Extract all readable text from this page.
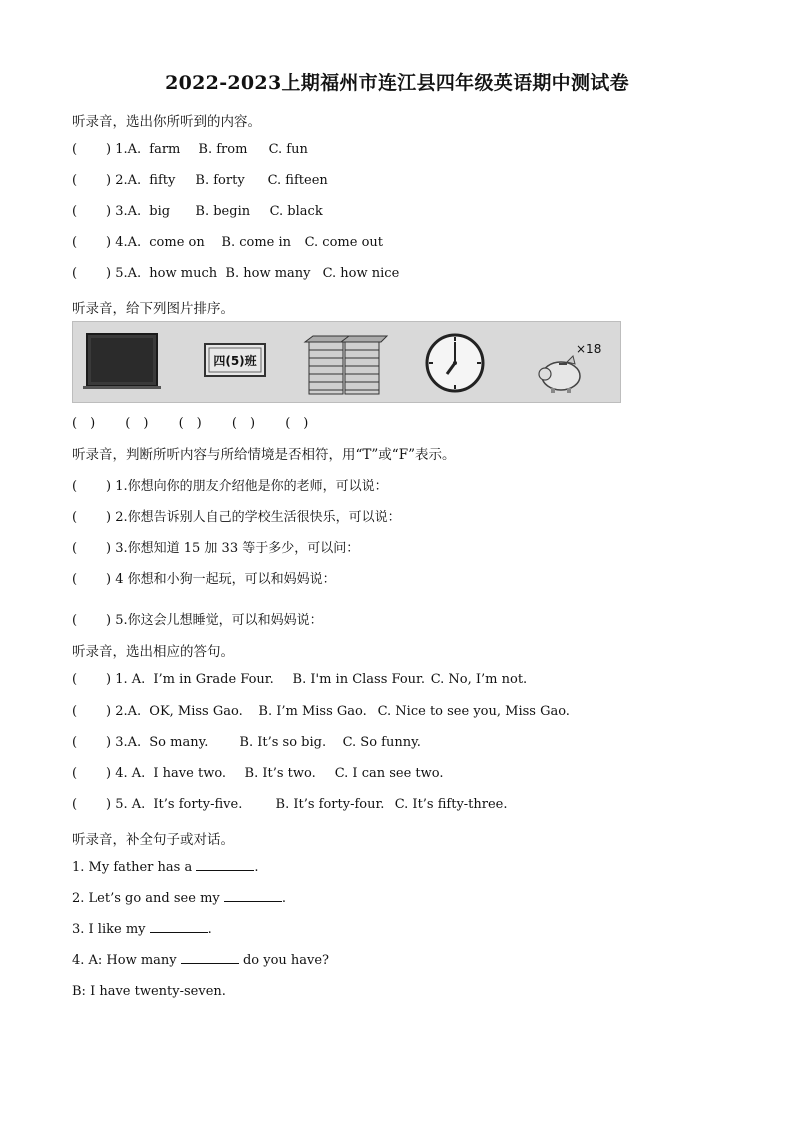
2022-2023上期福州市连江县四年级英语期中测试卷
听录音，选出你所听到的内容。
( ) 1.A. farm B. from C. fun
( ) 2.A. fifty B. forty C. fifteen
( ) 3.A. big B. begin C. black
( ) 4.A. come on B. come in C. come out
( ) 5.A. how much B. how many C. how nice
听录音，给下列图片排序。
四(5)班
×18
(　) (　) (　) (　) (　)
听录音，判断所听内容与所给情境是否相符，用“T”或“F”表示。
( ) 1.你想向你的朋友介绍他是你的老师，可以说：
( ) 2.你想告诉别人自己的学校生活很快乐，可以说：
( ) 3.你想知道 15 加 33 等于多少，可以问：
( ) 4 你想和小狗一起玩，可以和妈妈说：
( ) 5.你这会儿想睡觉，可以和妈妈说：
听录音，选出相应的答句。
( ) 1. A. I’m in Grade Four. B. I'm in Class Four. C. No, I’m not.
( ) 2.A. OK, Miss Gao. B. I’m Miss Gao. C. Nice to see you, Miss Gao.
( ) 3.A. So many. B. It’s so big. C. So funny.
( ) 4. A. I have two. B. It’s two. C. I can see two.
( ) 5. A. It’s forty-five.	B. It’s forty-four. C. It’s fifty-three.
听录音，补全句子或对话。
1. My father has a	.
2. Let’s go and see my	.
3. I like my	.
4. A: How many	do you have?
B: I have twenty-seven.
